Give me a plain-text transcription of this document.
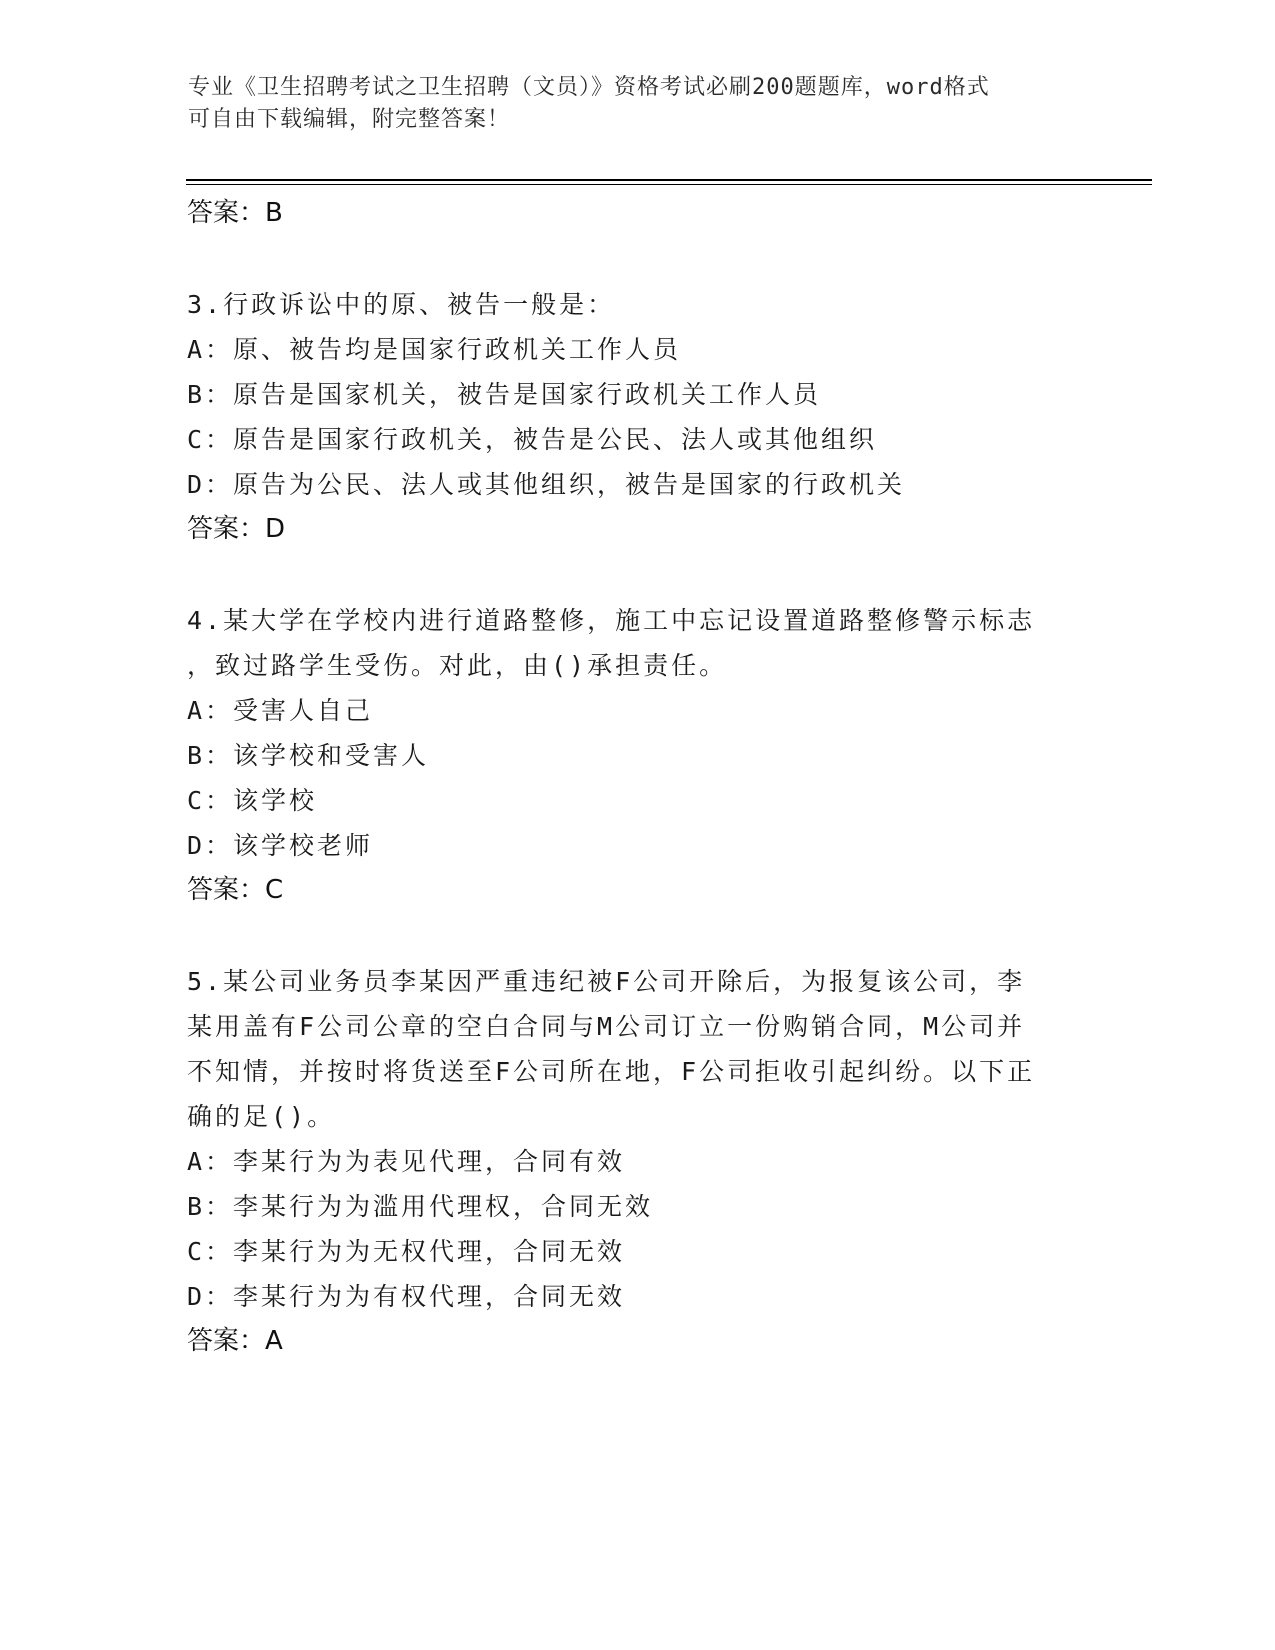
专业《卫生招聘考试之卫生招聘（文员）》资格考试必刷200题题库，word格式
可自由下载编辑，附完整答案！
答案：B
3.行政诉讼中的原、被告一般是：
A：原、被告均是国家行政机关工作人员
B：原告是国家机关，被告是国家行政机关工作人员
C：原告是国家行政机关，被告是公民、法人或其他组织
D：原告为公民、法人或其他组织，被告是国家的行政机关
答案：D
4.某大学在学校内进行道路整修，施工中忘记设置道路整修警示标志
，致过路学生受伤。对此，由()承担责任。
A：受害人自己
B：该学校和受害人
C：该学校
D：该学校老师
答案：C
5.某公司业务员李某因严重违纪被F公司开除后，为报复该公司，李
某用盖有F公司公章的空白合同与M公司订立一份购销合同，M公司并
不知情，并按时将货送至F公司所在地，F公司拒收引起纠纷。以下正
确的足()。
A：李某行为为表见代理，合同有效
B：李某行为为滥用代理权，合同无效
C：李某行为为无权代理，合同无效
D：李某行为为有权代理，合同无效
答案：A
